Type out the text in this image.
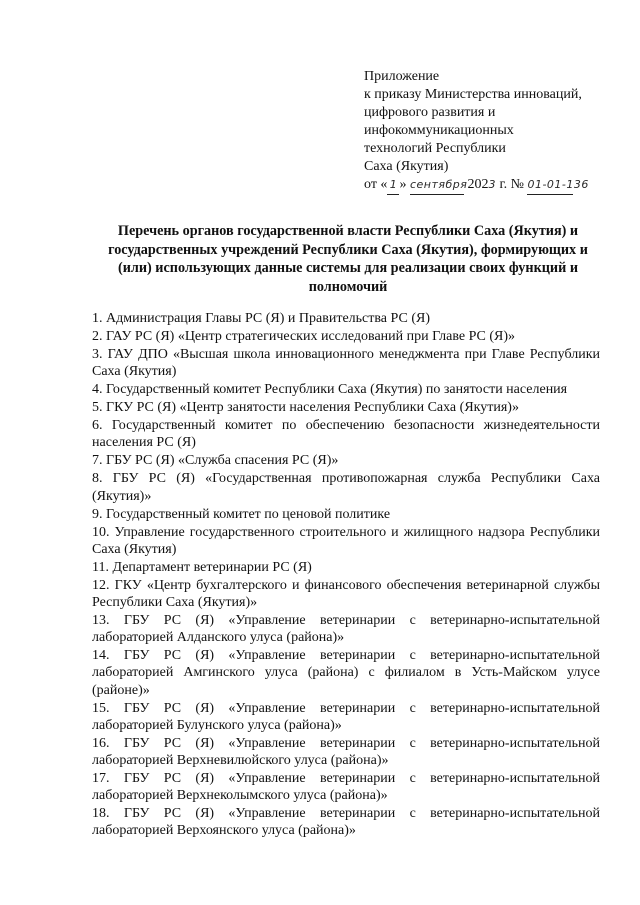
Приложение
к приказу Министерства инноваций,
цифрового развития и
инфокоммуникационных
технологий Республики
Саха (Якутия)
от « 1 » сентября 2023 г. № 01-01-136
Перечень органов государственной власти Республики Саха (Якутия) и государственных учреждений Республики Саха (Якутия), формирующих и (или) использующих данные системы для реализации своих функций и полномочий
1. Администрация Главы РС (Я) и Правительства РС (Я)
2. ГАУ РС (Я) «Центр стратегических исследований при Главе РС (Я)»
3. ГАУ ДПО «Высшая школа инновационного менеджмента при Главе Республики Саха (Якутия)
4. Государственный комитет Республики Саха (Якутия) по занятости населения
5. ГКУ РС (Я) «Центр занятости населения Республики Саха (Якутия)»
6. Государственный комитет по обеспечению безопасности жизнедеятельности населения РС (Я)
7. ГБУ РС (Я) «Служба спасения РС (Я)»
8. ГБУ РС (Я) «Государственная противопожарная служба Республики Саха (Якутия)»
9. Государственный комитет по ценовой политике
10. Управление государственного строительного и жилищного надзора Республики Саха (Якутия)
11. Департамент ветеринарии РС (Я)
12. ГКУ «Центр бухгалтерского и финансового обеспечения ветеринарной службы Республики Саха (Якутия)»
13. ГБУ РС (Я) «Управление ветеринарии с ветеринарно-испытательной лабораторией Алданского улуса (района)»
14. ГБУ РС (Я) «Управление ветеринарии с ветеринарно-испытательной лабораторией Амгинского улуса (района) с филиалом в Усть-Майском улусе (районе)»
15. ГБУ РС (Я) «Управление ветеринарии с ветеринарно-испытательной лабораторией Булунского улуса (района)»
16. ГБУ РС (Я) «Управление ветеринарии с ветеринарно-испытательной лабораторией Верхневилюйского улуса (района)»
17. ГБУ РС (Я) «Управление ветеринарии с ветеринарно-испытательной лабораторией Верхнеколымского улуса (района)»
18. ГБУ РС (Я) «Управление ветеринарии с ветеринарно-испытательной лабораторией Верхоянского улуса (района)»
